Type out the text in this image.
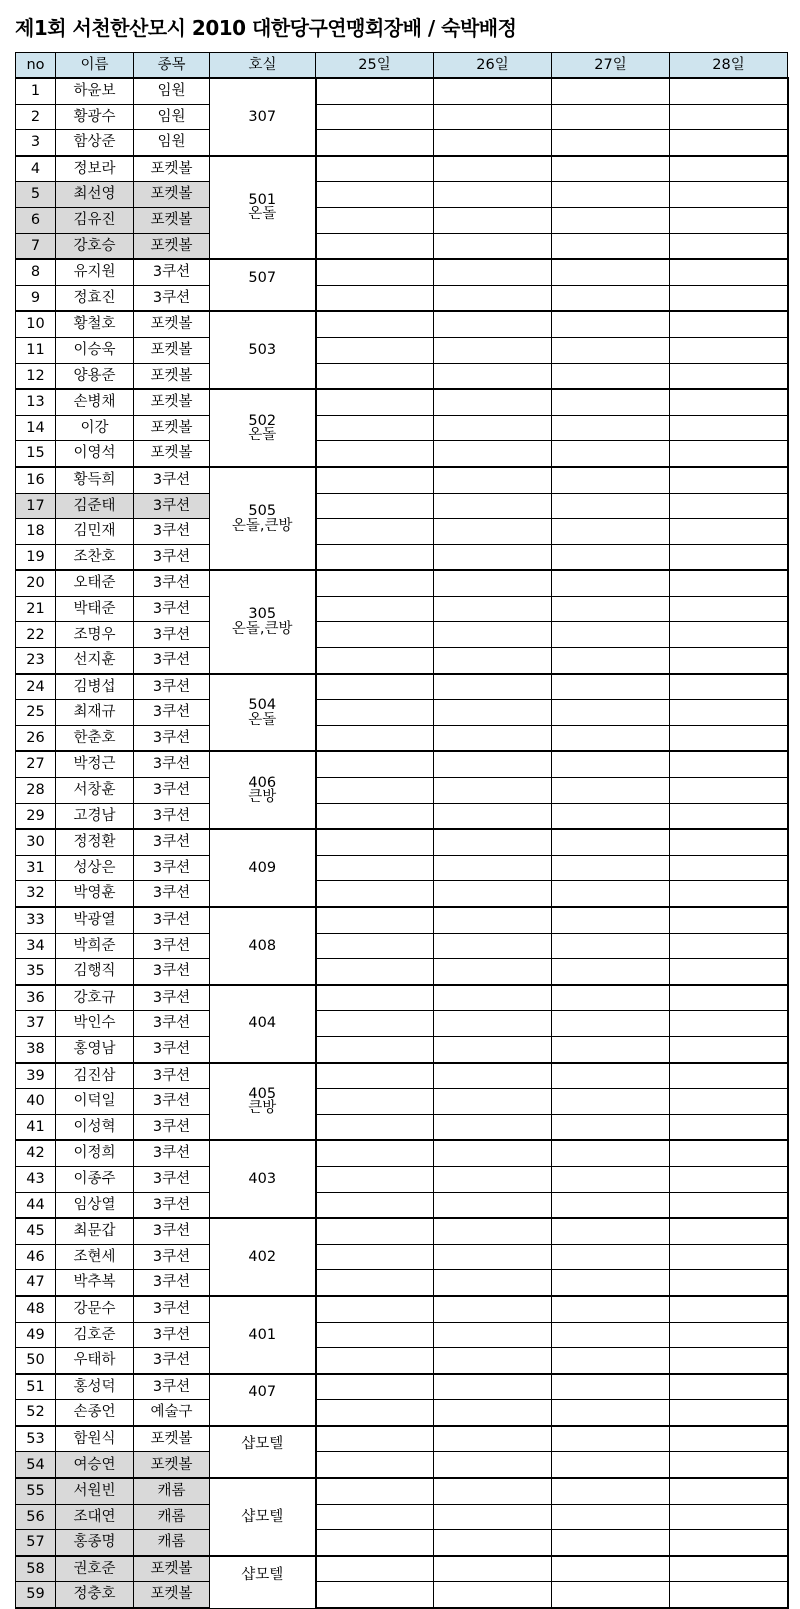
제1회 서천한산모시 2010 대한당구연맹회장배 / 숙박배정
no	이름	종목	호실	25일	26일	27일	28일
1	하윤보	임원	307				

2	황광수	임원					
3	함상준	임원					
4	정보라	포켓볼	501
온돌				

5	최선영	포켓볼					
6	김유진	포켓볼					
7	강호승	포켓볼					
8	유지원	3쿠션	507				

9	정효진	3쿠션					
10	황철호	포켓볼	503				

11	이승욱	포켓볼					
12	양용준	포켓볼					
13	손병채	포켓볼	502
온돌				

14	이강	포켓볼					
15	이영석	포켓볼					
16	황득희	3쿠션	505
온돌,큰방				

17	김준태	3쿠션					
18	김민재	3쿠션					
19	조찬호	3쿠션					
20	오태준	3쿠션	305
온돌,큰방				

21	박태준	3쿠션					
22	조명우	3쿠션					
23	선지훈	3쿠션					
24	김병섭	3쿠션	504
온돌				

25	최재규	3쿠션					
26	한춘호	3쿠션					
27	박정근	3쿠션	406
큰방				

28	서창훈	3쿠션					
29	고경남	3쿠션					
30	정정환	3쿠션	409				

31	성상은	3쿠션					
32	박영훈	3쿠션					
33	박광열	3쿠션	408				

34	박희준	3쿠션					
35	김행직	3쿠션					
36	강호규	3쿠션	404				

37	박인수	3쿠션					
38	홍영남	3쿠션					
39	김진삼	3쿠션	405
큰방				

40	이덕일	3쿠션					
41	이성혁	3쿠션					
42	이정희	3쿠션	403				

43	이종주	3쿠션					
44	임상열	3쿠션					
45	최문갑	3쿠션	402				

46	조현세	3쿠션					
47	박추복	3쿠션					
48	강문수	3쿠션	401				

49	김호준	3쿠션					
50	우태하	3쿠션					
51	홍성덕	3쿠션	407				

52	손종언	예술구					
53	함원식	포켓볼	샵모텔				

54	여승연	포켓볼					
55	서원빈	캐롬	샵모텔				

56	조대연	캐롬					
57	홍종명	캐롬					
58	권호준	포켓볼	샵모텔				

59	정충호	포켓볼					
